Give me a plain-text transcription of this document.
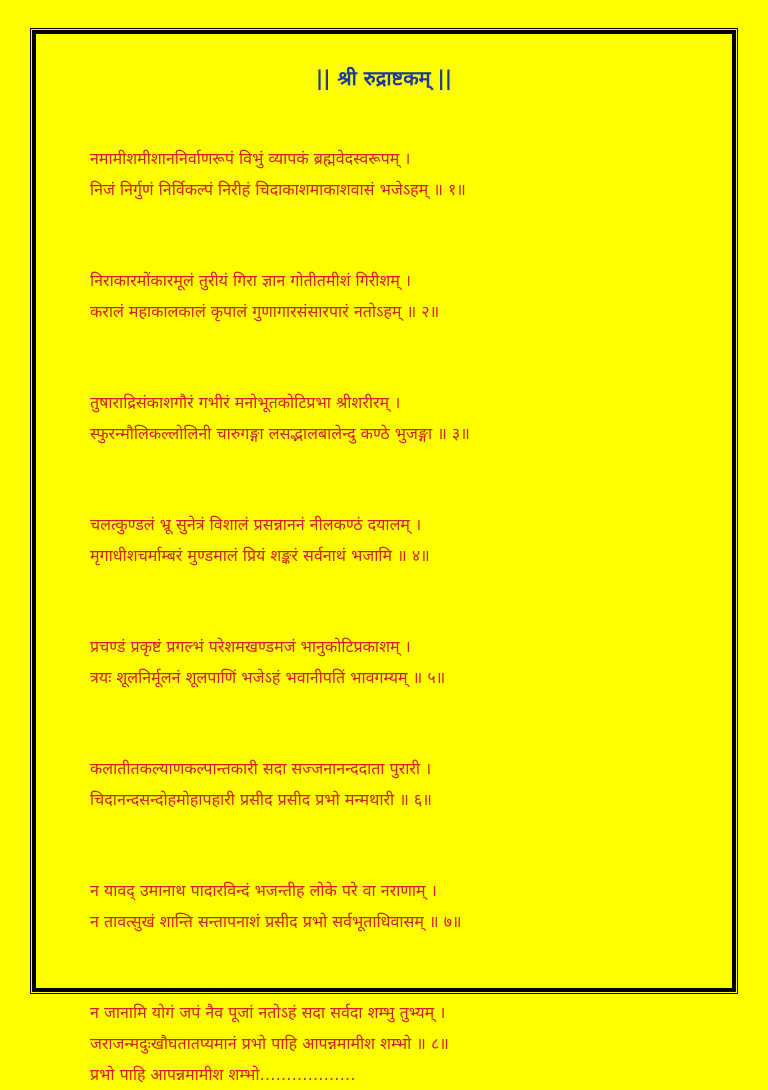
|| श्री रुद्राष्टकम् ||
नमामीशमीशाननिर्वाणरूपं विभुं व्यापकं ब्रह्मवेदस्वरूपम् ।
निजं निर्गुणं निर्विकल्पं निरीहं चिदाकाशमाकाशवासं भजेऽहम् ॥ १॥
निराकारमोंकारमूलं तुरीयं गिरा ज्ञान गोतीतमीशं गिरीशम् ।
करालं महाकालकालं कृपालं गुणागारसंसारपारं नतोऽहम् ॥ २॥
तुषाराद्रिसंकाशगौरं गभीरं मनोभूतकोटिप्रभा श्रीशरीरम् ।
स्फुरन्मौलिकल्लोलिनी चारुगङ्गा लसद्भालबालेन्दु कण्ठे भुजङ्गा ॥ ३॥
चलत्कुण्डलं भ्रू सुनेत्रं विशालं प्रसन्नाननं नीलकण्ठं दयालम् ।
मृगाधीशचर्माम्बरं मुण्डमालं प्रियं शङ्करं सर्वनाथं भजामि ॥ ४॥
प्रचण्डं प्रकृष्टं प्रगल्भं परेशमखण्डमजं भानुकोटिप्रकाशम् ।
त्रयः शूलनिर्मूलनं शूलपाणिं भजेऽहं भवानीपतिं भावगम्यम् ॥ ५॥
कलातीतकल्याणकल्पान्तकारी सदा सज्जनानन्ददाता पुरारी ।
चिदानन्दसन्दोहमोहापहारी प्रसीद प्रसीद प्रभो मन्मथारी ॥ ६॥
न यावद् उमानाथ पादारविन्दं भजन्तीह लोके परे वा नराणाम् ।
न तावत्सुखं शान्ति सन्तापनाशं प्रसीद प्रभो सर्वभूताधिवासम् ॥ ७॥
न जानामि योगं जपं नैव पूजां नतोऽहं सदा सर्वदा शम्भु तुभ्यम् ।
जराजन्मदुःखौघतातप्यमानं प्रभो पाहि आपन्नमामीश शम्भो ॥ ८॥
प्रभो पाहि आपन्नमामीश शम्भो………………
